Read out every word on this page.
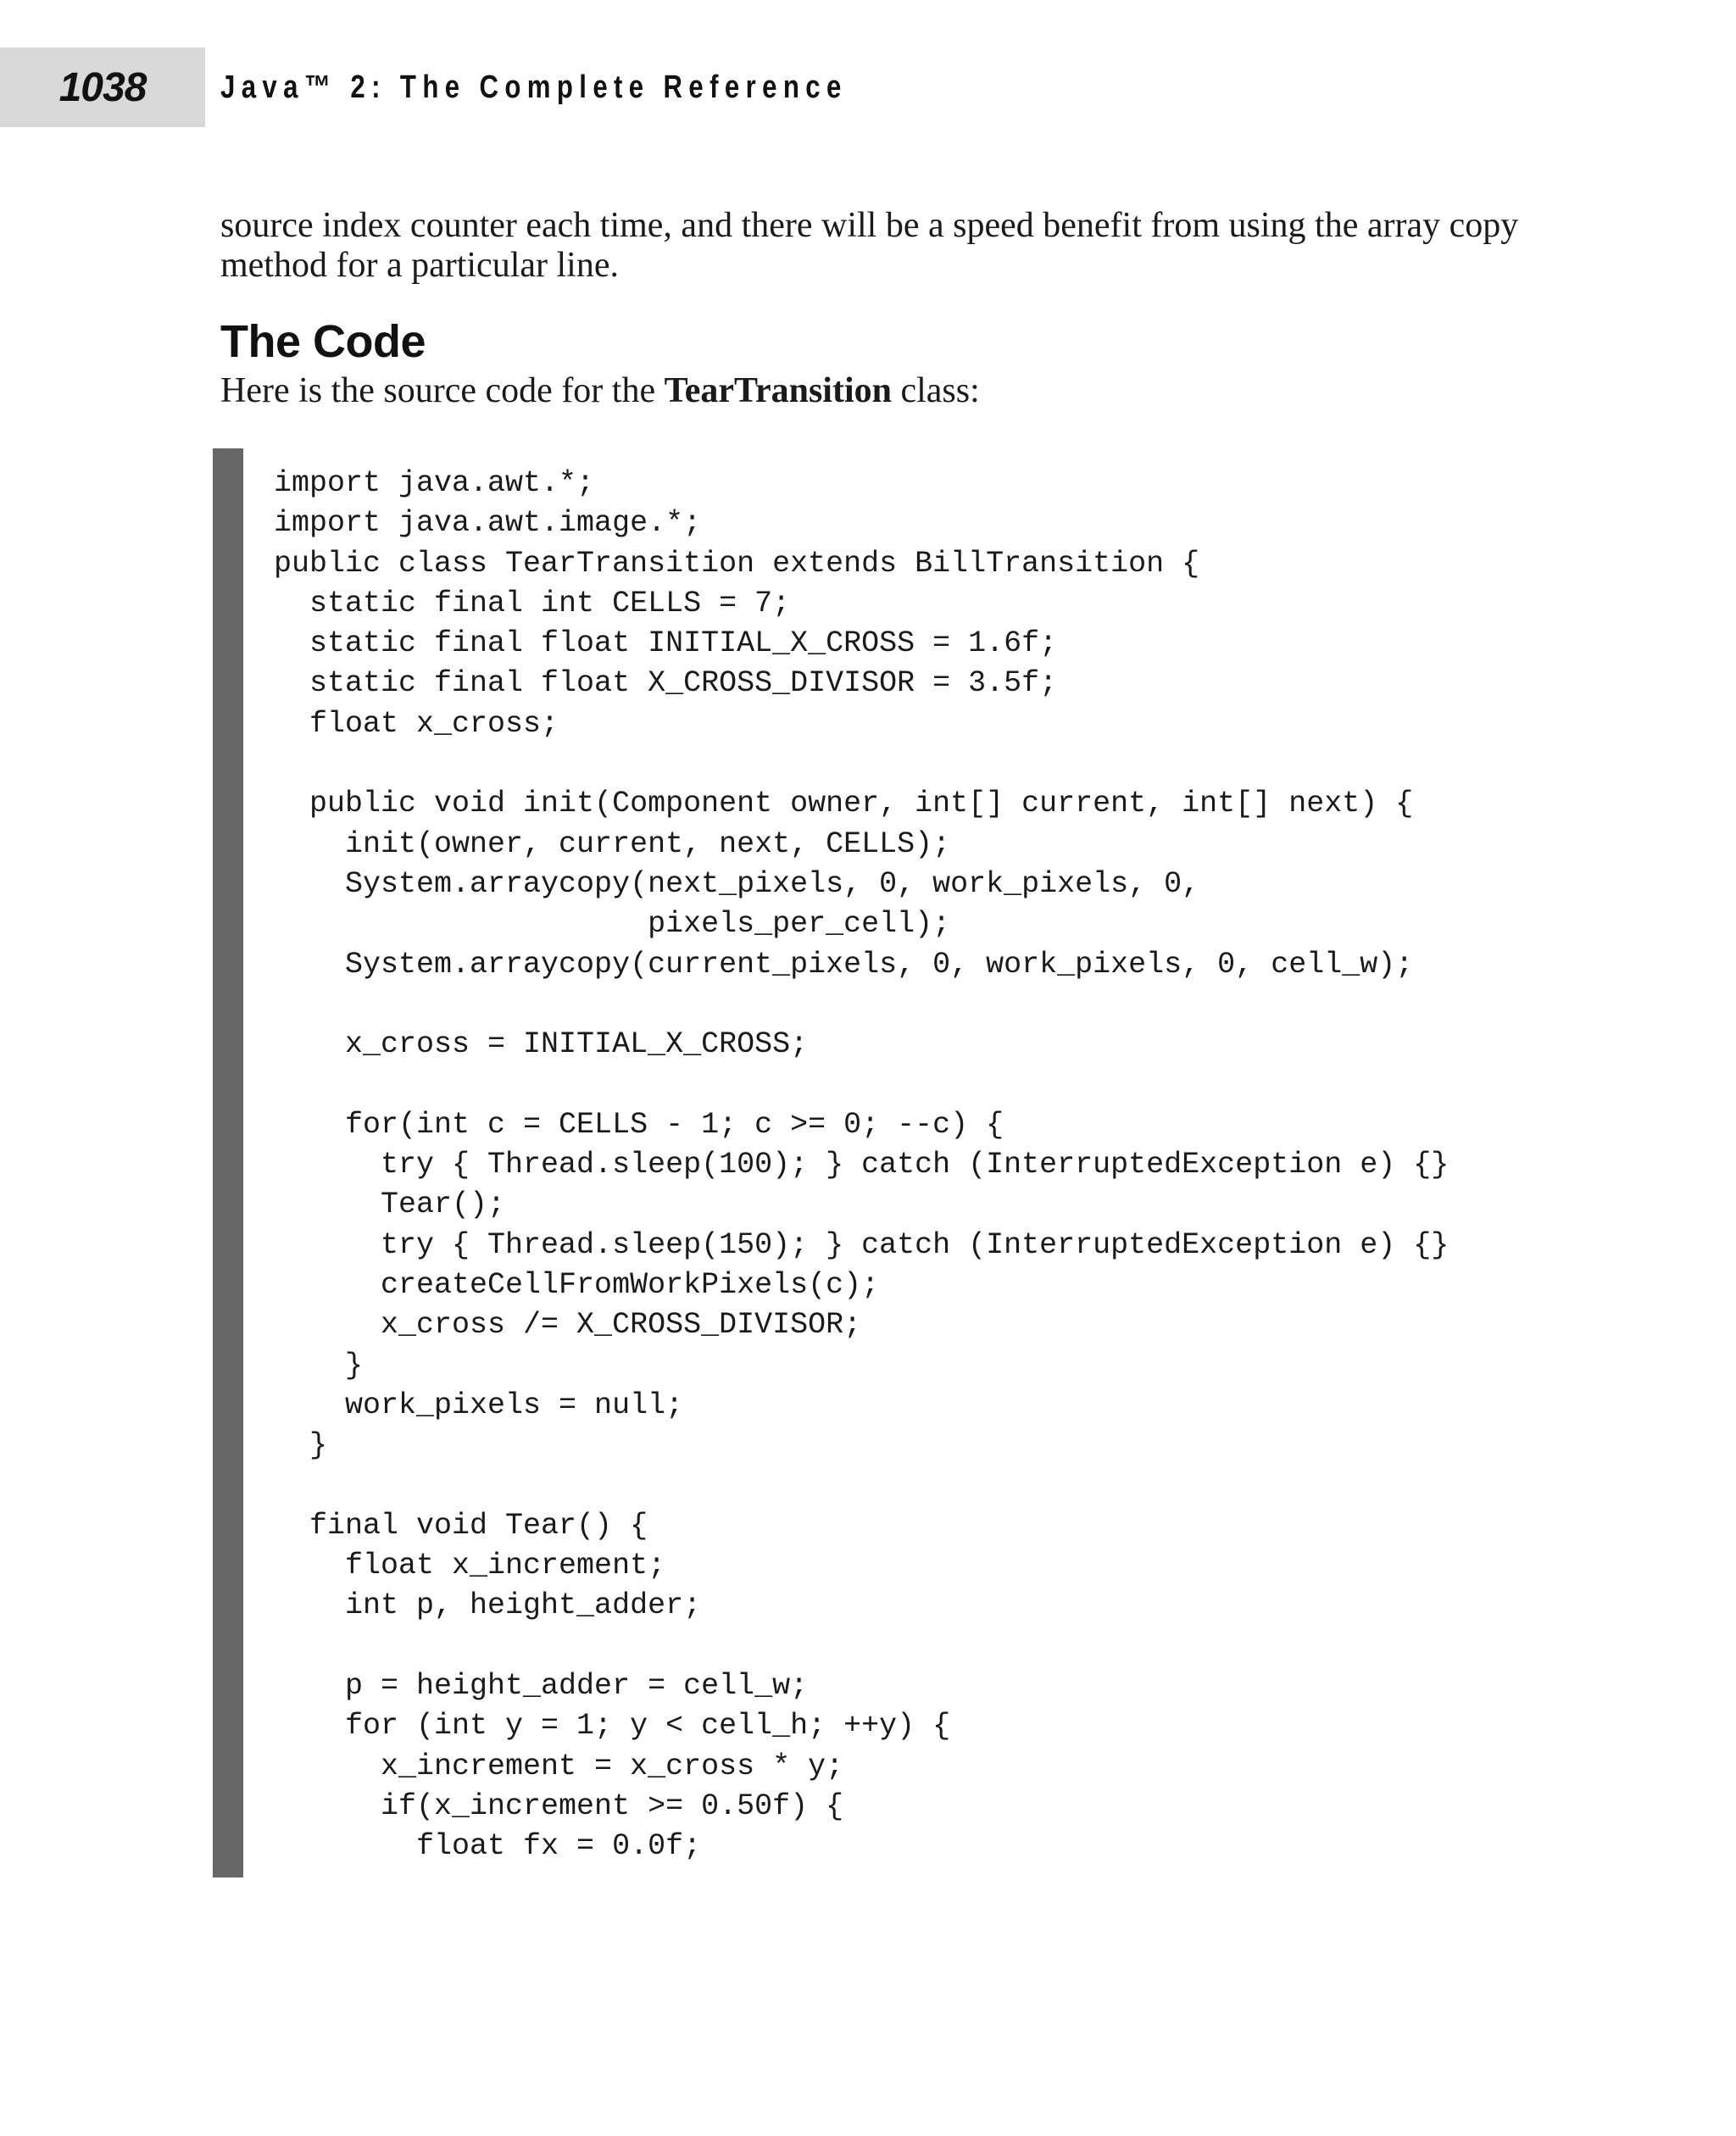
1038 Java™ 2: The Complete Reference

source index counter each time, and there will be a speed benefit from using the array copy method for a particular line.

The Code

Here is the source code for the TearTransition class:

import java.awt.*;
import java.awt.image.*;
public class TearTransition extends BillTransition {
static final int CELLS = 7;
static final float INITIAL_X_CROSS = 1.6f;
static final float X_CROSS_DIVISOR = 3.5f;
float x_cross;
public void init(Component owner, int[] current, int[] next) {
init(owner, current, next, CELLS);
System.arraycopy(next_pixels, 0, work_pixels, 0,
pixels_per_cell);
System.arraycopy(current_pixels, 0, work_pixels, 0, cell_w);
x_cross = INITIAL_X_CROSS;
for(int c = CELLS - 1; c >= 0; --c) {
try { Thread.sleep(100); } catch (InterruptedException e) {}
Tear();
try { Thread.sleep(150); } catch (InterruptedException e) {}
createCellFromWorkPixels(c);
x_cross /= X_CROSS_DIVISOR;
}
work_pixels = null;
}
final void Tear() {
float x_increment;
int p, height_adder;
p = height_adder = cell_w;
for (int y = 1; y < cell_h; ++y) {
x_increment = x_cross * y;
if(x_increment >= 0.50f) {
float fx = 0.0f;
